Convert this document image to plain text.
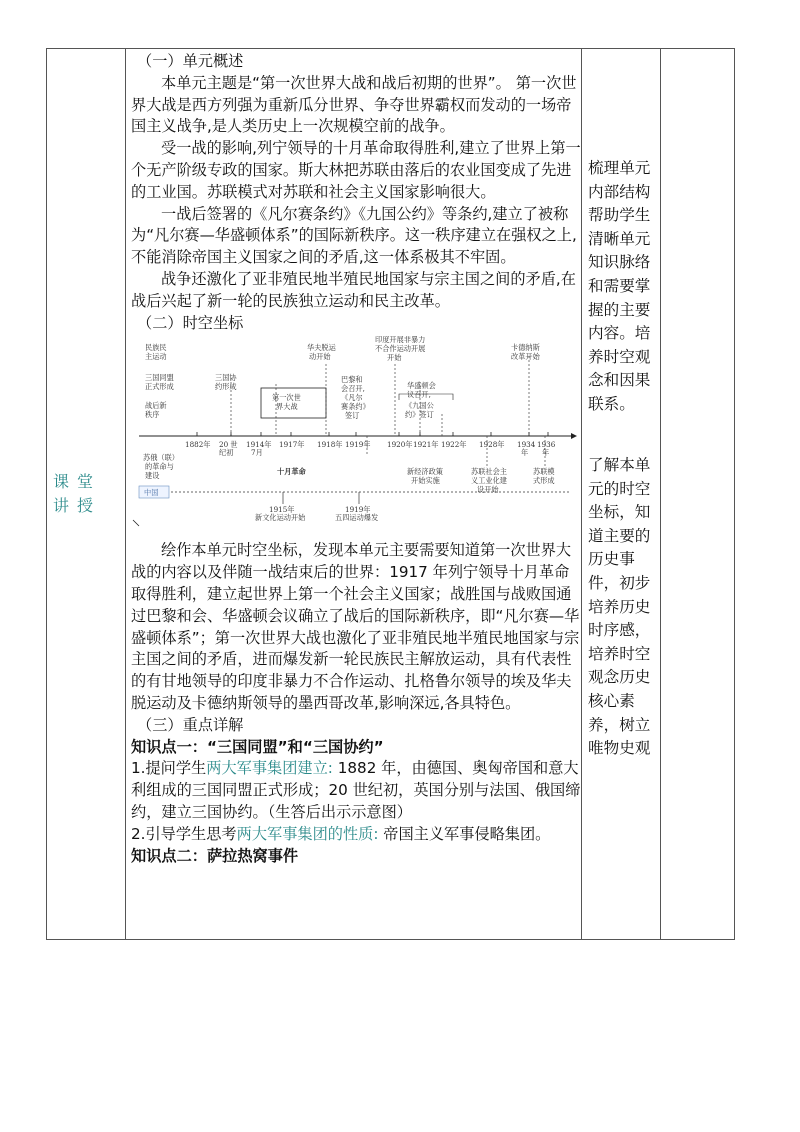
课堂讲授

（一）单元概述

本单元主题是“第一次世界大战和战后初期的世界”。 第一次世界大战是西方列强为重新瓜分世界、争夺世界霸权而发动的一场帝国主义战争,是人类历史上一次规模空前的战争。

受一战的影响,列宁领导的十月革命取得胜利,建立了世界上第一个无产阶级专政的国家。斯大林把苏联由落后的农业国变成了先进的工业国。苏联模式对苏联和社会主义国家影响很大。

一战后签署的《凡尔赛条约》《九国公约》等条约,建立了被称为“凡尔赛—华盛顿体系”的国际新秩序。这一秩序建立在强权之上,不能消除帝国主义国家之间的矛盾,这一体系极其不牢固。

战争还激化了亚非殖民地半殖民地国家与宗主国之间的矛盾,在战后兴起了新一轮的民族独立运动和民主改革。

（二）时空坐标

1882年 20 世
纪初
1914年
7月
1917年 1918年 1919年 1920年 1921年 1922年 1928年 1934
年
1936
年
民族民
主运动
三国同盟
正式形成
三国协
约形成
战后新
秩序
第一次世
界大战
华夫脱运
动开始
巴黎和
会召开,
《凡尔
赛条约》
签订
印度开展非暴力
不合作运动开展
开始
华盛顿会
议召开,
《九国公
约》签订
卡德纳斯
改革开始
苏俄（联）
的革命与
建设	十月革命	新经济政策
开始实施
苏联社会主
义工业化建
设开始
苏联模
式形成
中国
1915年
新文化运动开始
1919年
五四运动爆发

绘作本单元时空坐标，发现本单元主要需要知道第一次世界大战的内容以及伴随一战结束后的世界：1917 年列宁领导十月革命取得胜利，建立起世界上第一个社会主义国家；战胜国与战败国通过巴黎和会、华盛顿会议确立了战后的国际新秩序，即“凡尔赛—华盛顿体系”；第一次世界大战也激化了亚非殖民地半殖民地国家与宗主国之间的矛盾，进而爆发新一轮民族民主解放运动，具有代表性的有甘地领导的印度非暴力不合作运动、扎格鲁尔领导的埃及华夫脱运动及卡德纳斯领导的墨西哥改革,影响深远,各具特色。

（三）重点详解

知识点一：“三国同盟”和“三国协约”

1.提问学生两大军事集团建立: 1882 年，由德国、奥匈帝国和意大利组成的三国同盟正式形成；20 世纪初，英国分别与法国、俄国缔约，建立三国协约。（生答后出示示意图）

2.引导学生思考两大军事集团的性质: 帝国主义军事侵略集团。

知识点二：萨拉热窝事件

梳理单元内部结构帮助学生清晰单元知识脉络和需要掌握的主要内容。培养时空观念和因果联系。
了解本单元的时空坐标，知道主要的历史事件，初步培养历史时序感，培养时空观念历史核心素养，树立唯物史观
